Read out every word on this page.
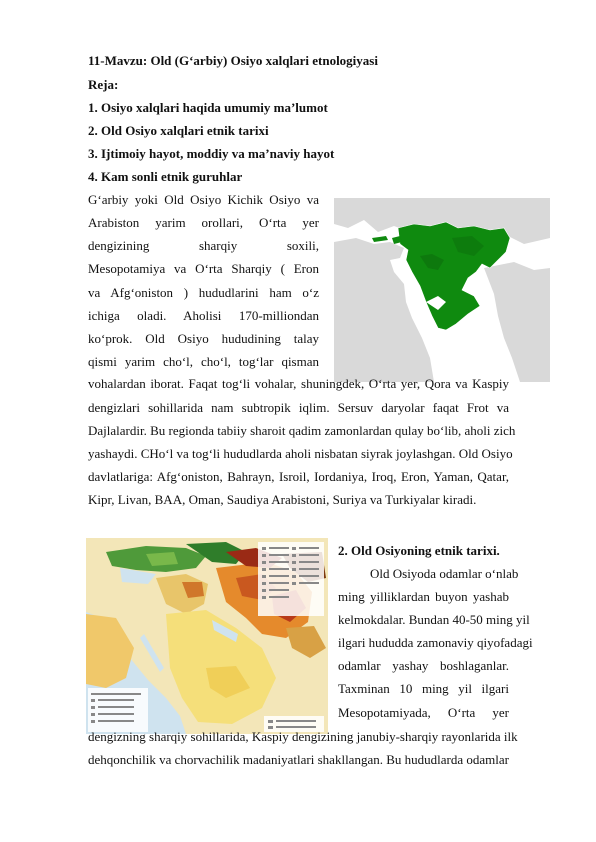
11-Mavzu: Old (G‘arbiy) Osiyo xalqlari etnologiyasi
Reja:
1. Osiyo xalqlari haqida umumiy ma’lumot
2. Old Osiyo xalqlari etnik tarixi
3. Ijtimoiy hayot, moddiy va ma’naviy hayot
4. Kam sonli etnik guruhlar
G‘arbiy yoki Old Osiyo Kichik Osiyo va
Arabiston yarim orollari, O‘rta yer
dengizining sharqiy soxili,
Mesopotamiya va O‘rta Sharqiy ( Eron
va Afg‘oniston ) hududlarini ham o‘z
ichiga oladi. Aholisi 170-milliondan
ko‘prok. Old Osiyo hududining talay
qismi yarim cho‘l, cho‘l, tog‘lar qisman
vohalardan iborat. Faqat tog‘li vohalar, shuningdek, O‘rta yer, Qora va Kaspiy
dengizlari sohillarida nam subtropik iqlim. Sersuv daryolar faqat Frot va
Dajlalardir. Bu regionda tabiiy sharoit qadim zamonlardan qulay bo‘lib, aholi zich
yashaydi. CHo‘l va tog‘li hududlarda aholi nisbatan siyrak joylashgan. Old Osiyo
davlatlariga: Afg‘oniston, Bahrayn, Isroil, Iordaniya, Iroq, Eron, Yaman, Qatar,
Kipr, Livan, BAA, Oman, Saudiya Arabistoni, Suriya va Turkiyalar kiradi.
2. Old Osiyoning etnik tarixi.
Old Osiyoda odamlar o‘nlab
ming yilliklardan buyon yashab
kelmokdalar. Bundan 40-50 ming yil
ilgari hududda zamonaviy qiyofadagi
odamlar yashay boshlaganlar.
Taxminan 10 ming yil ilgari
Mesopotamiyada, O‘rta yer
dengizning sharqiy sohillarida, Kaspiy dengizining janubiy-sharqiy rayonlarida ilk
dehqonchilik va chorvachilik madaniyatlari shakllangan. Bu hududlarda odamlar
